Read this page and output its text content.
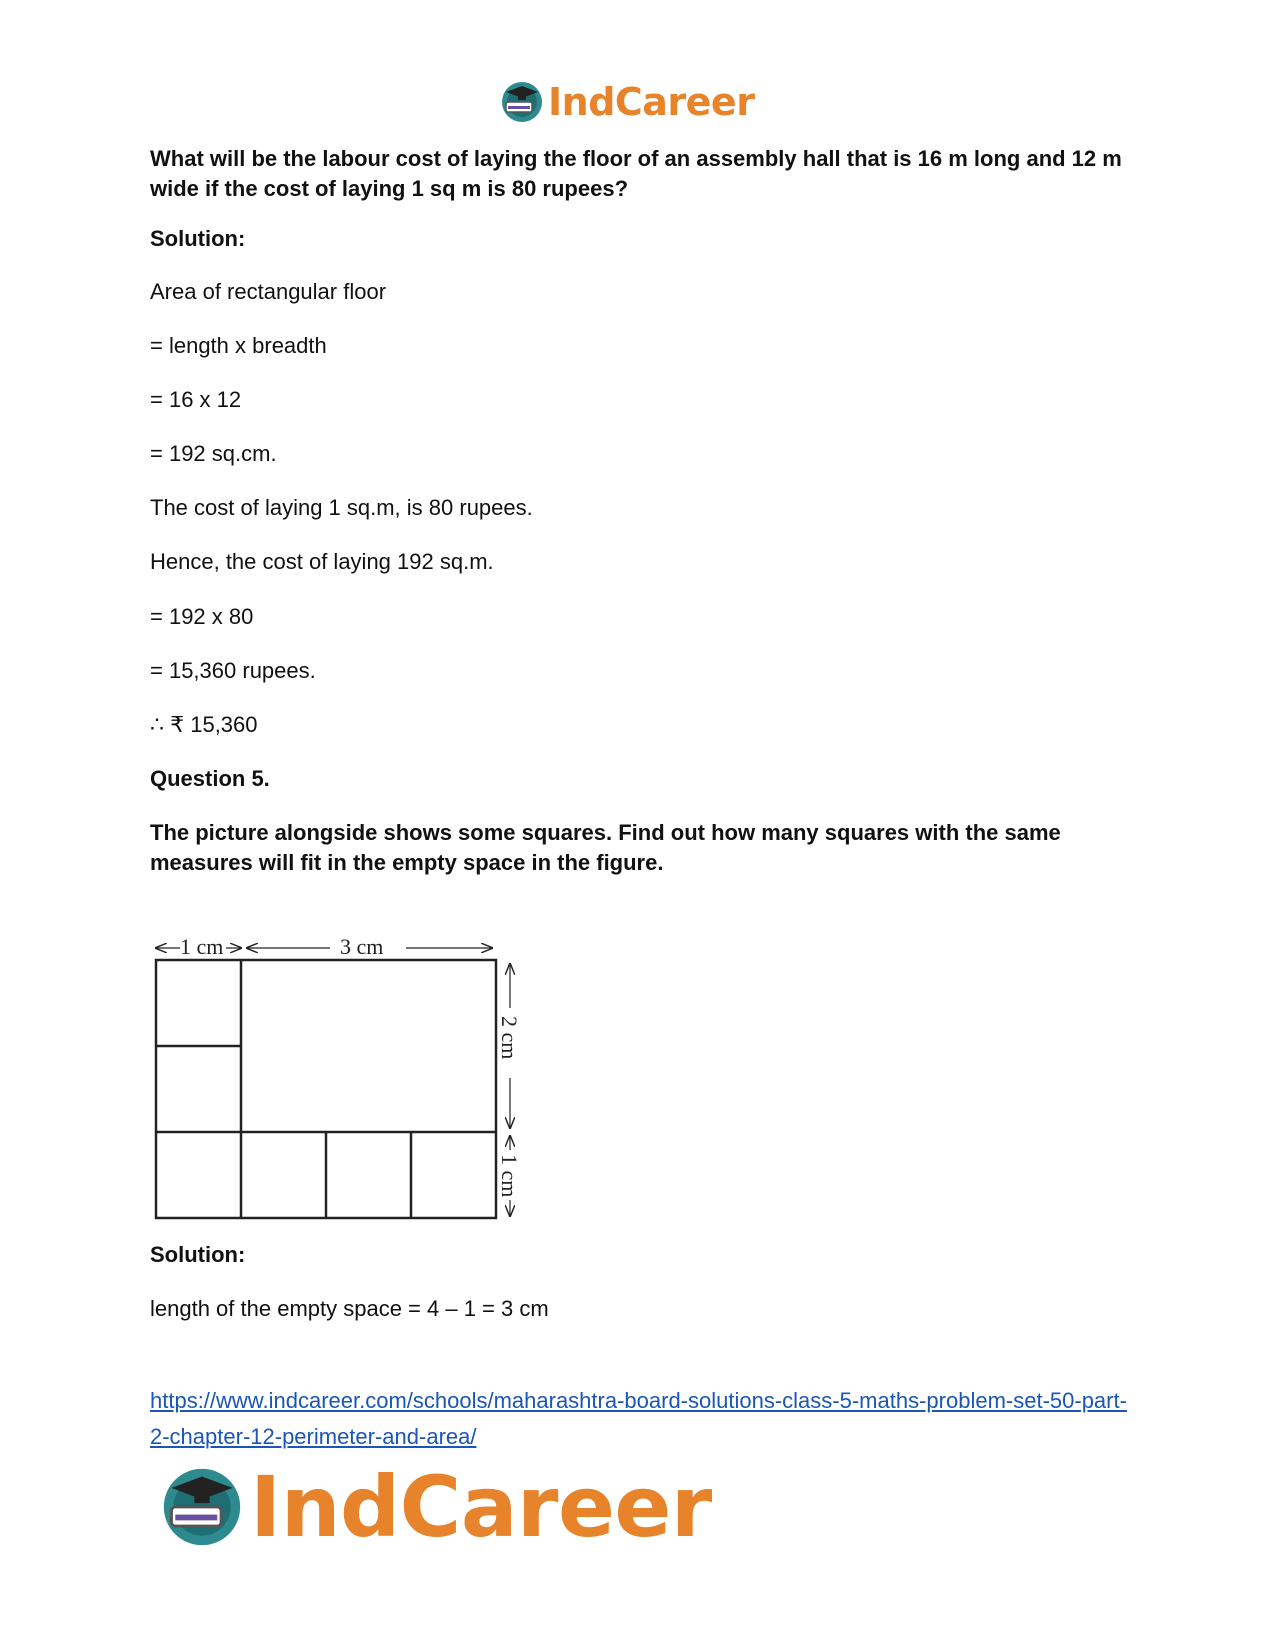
IndCareer
What will be the labour cost of laying the floor of an assembly hall that is 16 m long and 12 m wide if the cost of laying 1 sq m is 80 rupees?
Solution:
Area of rectangular floor
= length x breadth
= 16 x 12
= 192 sq.cm.
The cost of laying 1 sq.m, is 80 rupees.
Hence, the cost of laying 192 sq.m.
= 192 x 80
= 15,360 rupees.
∴ ₹ 15,360
Question 5.
The picture alongside shows some squares. Find out how many squares with the same measures will fit in the empty space in the figure.
Solution:
length of the empty space = 4 – 1 = 3 cm
1 cm	3 cm
2 cm
1 cm
https://www.indcareer.com/schools/maharashtra-board-solutions-class-5-maths-problem-set-50-part-2-chapter-12-perimeter-and-area/
IndCareer
